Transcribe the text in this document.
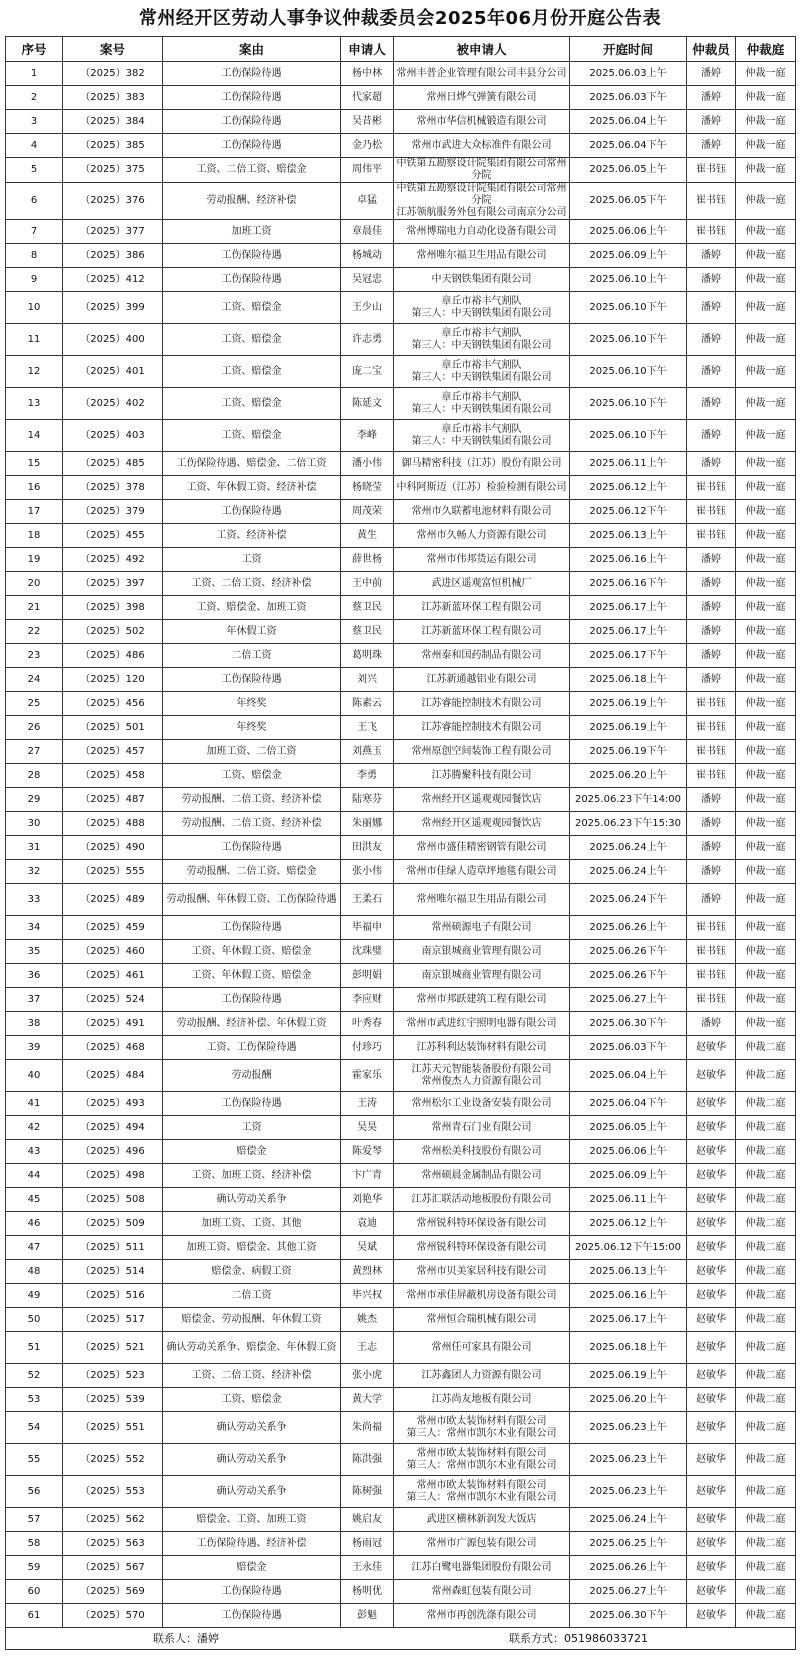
常州经开区劳动人事争议仲裁委员会2025年06月份开庭公告表
序号	案号	案由	申请人	被申请人	开庭时间	仲裁员	仲裁庭
1	（2025）382	工伤保险待遇	杨中林	常州丰普企业管理有限公司丰县分公司	2025.06.03上午	潘婷	仲裁一庭
2	（2025）383	工伤保险待遇	代家超	常州日烨气弹簧有限公司	2025.06.03下午	潘婷	仲裁一庭
3	（2025）384	工伤保险待遇	吴昔彬	常州市华信机械锻造有限公司	2025.06.04上午	潘婷	仲裁一庭
4	（2025）385	工伤保险待遇	金乃松	常州市武进大众标准件有限公司	2025.06.04下午	潘婷	仲裁一庭
5	（2025）375	工资、二倍工资、赔偿金	周伟平	中铁第五勘察设计院集团有限公司常州分院	2025.06.05上午	崔书钰	仲裁一庭
6	（2025）376	劳动报酬、经济补偿	卓猛	中铁第五勘察设计院集团有限公司常州分院
江苏领航服务外包有限公司南京分公司	2025.06.05下午	崔书钰	仲裁一庭
7	（2025）377	加班工资	章晨佳	常州博瑞电力自动化设备有限公司	2025.06.06上午	崔书钰	仲裁一庭
8	（2025）386	工伤保险待遇	杨城动	常州唯尔福卫生用品有限公司	2025.06.09上午	潘婷	仲裁一庭
9	（2025）412	工伤保险待遇	吴冠忠	中天钢铁集团有限公司	2025.06.10上午	潘婷	仲裁一庭
10	（2025）399	工资、赔偿金	王少山	章丘市裕丰气割队
第三人：中天钢铁集团有限公司	2025.06.10下午	潘婷	仲裁一庭
11	（2025）400	工资、赔偿金	许志勇	章丘市裕丰气割队
第三人：中天钢铁集团有限公司	2025.06.10下午	潘婷	仲裁一庭
12	（2025）401	工资、赔偿金	庞二宝	章丘市裕丰气割队
第三人：中天钢铁集团有限公司	2025.06.10下午	潘婷	仲裁一庭
13	（2025）402	工资、赔偿金	陈延文	章丘市裕丰气割队
第三人：中天钢铁集团有限公司	2025.06.10下午	潘婷	仲裁一庭
14	（2025）403	工资、赔偿金	李峰	章丘市裕丰气割队
第三人：中天钢铁集团有限公司	2025.06.10下午	潘婷	仲裁一庭
15	（2025）485	工伤保险待遇、赔偿金、二倍工资	潘小伟	御马精密科技（江苏）股份有限公司	2025.06.11上午	潘婷	仲裁一庭
16	（2025）378	工资、年休假工资、经济补偿	杨晓莹	中科阿斯迈（江苏）检验检测有限公司	2025.06.12上午	崔书钰	仲裁一庭
17	（2025）379	工伤保险待遇	周茂荣	常州市久联蓄电池材料有限公司	2025.06.12下午	崔书钰	仲裁一庭
18	（2025）455	工资、经济补偿	黄生	常州市久畅人力资源有限公司	2025.06.13上午	崔书钰	仲裁一庭
19	（2025）492	工资	薛世杨	常州市伟邦货运有限公司	2025.06.16上午	潘婷	仲裁一庭
20	（2025）397	工资、二倍工资、经济补偿	王中前	武进区遥观富恒机械厂	2025.06.16下午	潘婷	仲裁一庭
21	（2025）398	工资、赔偿金、加班工资	蔡卫民	江苏新蓝环保工程有限公司	2025.06.17上午	潘婷	仲裁一庭
22	（2025）502	年休假工资	蔡卫民	江苏新蓝环保工程有限公司	2025.06.17上午	潘婷	仲裁一庭
23	（2025）486	二倍工资	葛明珠	常州泰和国药制品有限公司	2025.06.17下午	潘婷	仲裁一庭
24	（2025）120	工伤保险待遇	刘兴	江苏新通越铝业有限公司	2025.06.18上午	潘婷	仲裁一庭
25	（2025）456	年终奖	陈素云	江苏睿能控制技术有限公司	2025.06.19上午	崔书钰	仲裁一庭
26	（2025）501	年终奖	王飞	江苏睿能控制技术有限公司	2025.06.19上午	崔书钰	仲裁一庭
27	（2025）457	加班工资、二倍工资	刘燕玉	常州原创空间装饰工程有限公司	2025.06.19下午	崔书钰	仲裁一庭
28	（2025）458	工资、赔偿金	李勇	江苏腾聚科技有限公司	2025.06.20上午	崔书钰	仲裁一庭
29	（2025）487	劳动报酬、二倍工资、经济补偿	陆寒芬	常州经开区遥观观园餐饮店	2025.06.23下午14:00	潘婷	仲裁一庭
30	（2025）488	劳动报酬、二倍工资、经济补偿	朱丽娜	常州经开区遥观观园餐饮店	2025.06.23下午15:30	潘婷	仲裁一庭
31	（2025）490	工伤保险待遇	田洪友	常州市盛佳精密钢管有限公司	2025.06.24上午	潘婷	仲裁一庭
32	（2025）555	劳动报酬、二倍工资、赔偿金	张小伟	常州市佳绿人造草坪地毯有限公司	2025.06.24上午	潘婷	仲裁一庭
33	（2025）489	劳动报酬、年休假工资、工伤保险待遇	王柔石	常州唯尔福卫生用品有限公司	2025.06.24下午	潘婷	仲裁一庭
34	（2025）459	工伤保险待遇	毕福申	常州硕源电子有限公司	2025.06.26上午	崔书钰	仲裁一庭
35	（2025）460	工资、年休假工资、赔偿金	沈珠璧	南京银城商业管理有限公司	2025.06.26下午	崔书钰	仲裁一庭
36	（2025）461	工资、年休假工资、赔偿金	彭明娟	南京银城商业管理有限公司	2025.06.26下午	崔书钰	仲裁一庭
37	（2025）524	工伤保险待遇	李应财	常州市邦跃建筑工程有限公司	2025.06.27上午	崔书钰	仲裁一庭
38	（2025）491	劳动报酬、经济补偿、年休假工资	叶秀春	常州市武进红宇照明电器有限公司	2025.06.30下午	潘婷	仲裁一庭
39	（2025）468	工资、工伤保险待遇	付珍巧	江苏科利达装饰材料有限公司	2025.06.03下午	赵敏华	仲裁二庭
40	（2025）484	劳动报酬	霍家乐	江苏天元智能装备股份有限公司
常州俊杰人力资源有限公司	2025.06.04上午	赵敏华	仲裁二庭
41	（2025）493	工伤保险待遇	王涛	常州松尔工业设备安装有限公司	2025.06.04下午	赵敏华	仲裁二庭
42	（2025）494	工资	吴昊	常州青石门业有限公司	2025.06.05上午	赵敏华	仲裁二庭
43	（2025）496	赔偿金	陈爱琴	常州松美科技股份有限公司	2025.06.06上午	赵敏华	仲裁二庭
44	（2025）498	工资、加班工资、经济补偿	卞广青	常州硕晨金属制品有限公司	2025.06.09上午	赵敏华	仲裁二庭
45	（2025）508	确认劳动关系争	刘艳华	江苏汇联活动地板股份有限公司	2025.06.11上午	赵敏华	仲裁二庭
46	（2025）509	加班工资、工资、其他	袁迪	常州锐科特环保设备有限公司	2025.06.12上午	赵敏华	仲裁二庭
47	（2025）511	加班工资、赔偿金、其他工资	吴斌	常州锐科特环保设备有限公司	2025.06.12下午15:00	赵敏华	仲裁二庭
48	（2025）514	赔偿金、病假工资	黄烈林	常州市贝美家居科技有限公司	2025.06.13上午	赵敏华	仲裁二庭
49	（2025）516	二倍工资	毕兴权	常州市承佳屏蔽机房设备有限公司	2025.06.16上午	赵敏华	仲裁二庭
50	（2025）517	赔偿金、劳动报酬、年休假工资	姚杰	常州恒合瑞机械有限公司	2025.06.17上午	赵敏华	仲裁二庭
51	（2025）521	确认劳动关系争、赔偿金、年休假工资	王志	常州任可家具有限公司	2025.06.18上午	赵敏华	仲裁二庭
52	（2025）523	工资、二倍工资、经济补偿	张小虎	江苏鑫团人力资源有限公司	2025.06.19上午	赵敏华	仲裁二庭
53	（2025）539	工资、赔偿金	黄大学	江苏尚友地板有限公司	2025.06.20上午	赵敏华	仲裁二庭
54	（2025）551	确认劳动关系争	朱尚福	常州市欧太装饰材料有限公司
第三人：常州市凯尔木业有限公司	2025.06.23上午	赵敏华	仲裁二庭
55	（2025）552	确认劳动关系争	陈洪强	常州市欧太装饰材料有限公司
第三人：常州市凯尔木业有限公司	2025.06.23上午	赵敏华	仲裁二庭
56	（2025）553	确认劳动关系争	陈树强	常州市欧太装饰材料有限公司
第三人：常州市凯尔木业有限公司	2025.06.23上午	赵敏华	仲裁二庭
57	（2025）562	赔偿金、工资、加班工资	姚启友	武进区横林新润发大饭店	2025.06.24上午	赵敏华	仲裁二庭
58	（2025）563	工伤保险待遇、经济补偿	杨雨冠	常州市广源包装有限公司	2025.06.25上午	赵敏华	仲裁二庭
59	（2025）567	赔偿金	王永佳	江苏白鹭电器集团股份有限公司	2025.06.26上午	赵敏华	仲裁二庭
60	（2025）569	工伤保险待遇	杨明优	常州森虹包装有限公司	2025.06.27上午	赵敏华	仲裁二庭
61	（2025）570	工伤保险待遇	彭魁	常州市再创洗涤有限公司	2025.06.30下午	赵敏华	仲裁二庭

联系人：潘婷 联系方式：051986033721							
